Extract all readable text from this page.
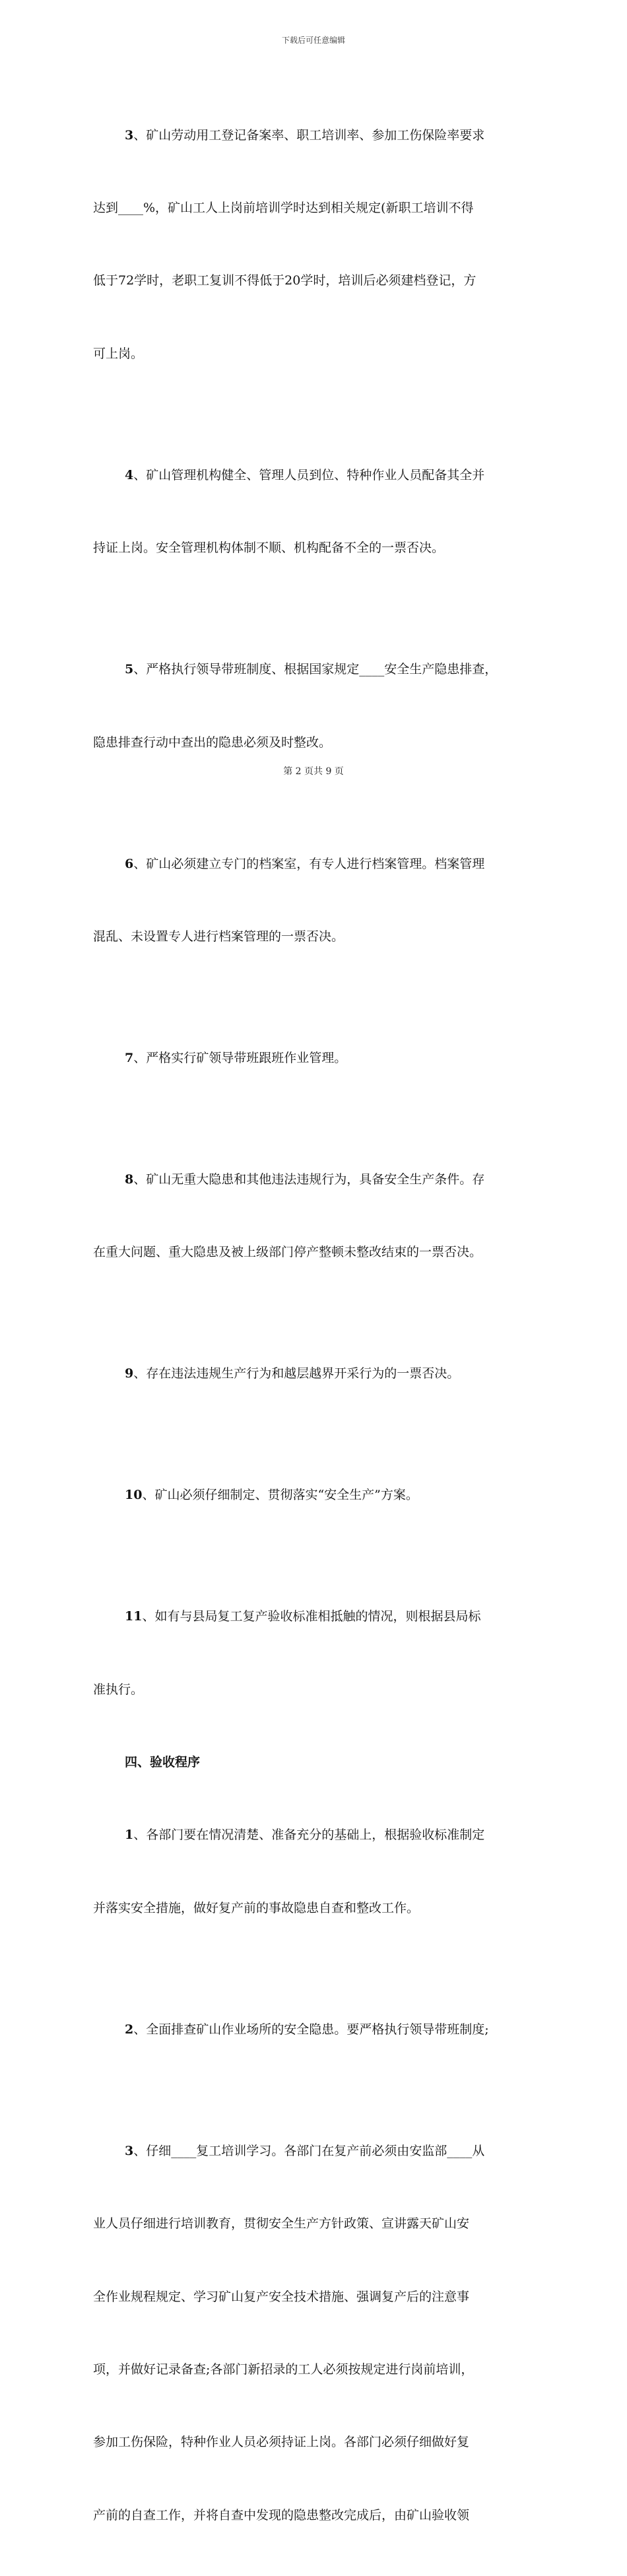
下载后可任意编辑

3、矿山劳动用工登记备案率、职工培训率、参加工伤保险率要求

达到____%，矿山工人上岗前培训学时达到相关规定(新职工培训不得

低于72学时，老职工复训不得低于20学时，培训后必须建档登记，方

可上岗。

4、矿山管理机构健全、管理人员到位、特种作业人员配备其全并

持证上岗。安全管理机构体制不顺、机构配备不全的一票否决。

5、严格执行领导带班制度、根据国家规定____安全生产隐患排查，

隐患排查行动中查出的隐患必须及时整改。

6、矿山必须建立专门的档案室，有专人进行档案管理。档案管理

混乱、未设置专人进行档案管理的一票否决。

7、严格实行矿领导带班跟班作业管理。

8、矿山无重大隐患和其他违法违规行为，具备安全生产条件。存

在重大问题、重大隐患及被上级部门停产整顿未整改结束的一票否决。

9、存在违法违规生产行为和越层越界开采行为的一票否决。

10、矿山必须仔细制定、贯彻落实“安全生产”方案。

11、如有与县局复工复产验收标准相抵触的情况，则根据县局标

准执行。

四、验收程序

1、各部门要在情况清楚、准备充分的基础上，根据验收标准制定

并落实安全措施，做好复产前的事故隐患自查和整改工作。

2、全面排查矿山作业场所的安全隐患。要严格执行领导带班制度;

3、仔细____复工培训学习。各部门在复产前必须由安监部____从

业人员仔细进行培训教育，贯彻安全生产方针政策、宣讲露天矿山安

全作业规程规定、学习矿山复产安全技术措施、强调复产后的注意事

项，并做好记录备查;各部门新招录的工人必须按规定进行岗前培训，

参加工伤保险，特种作业人员必须持证上岗。各部门必须仔细做好复

产前的自查工作，并将自查中发现的隐患整改完成后，由矿山验收领

第 2 页共 9 页
